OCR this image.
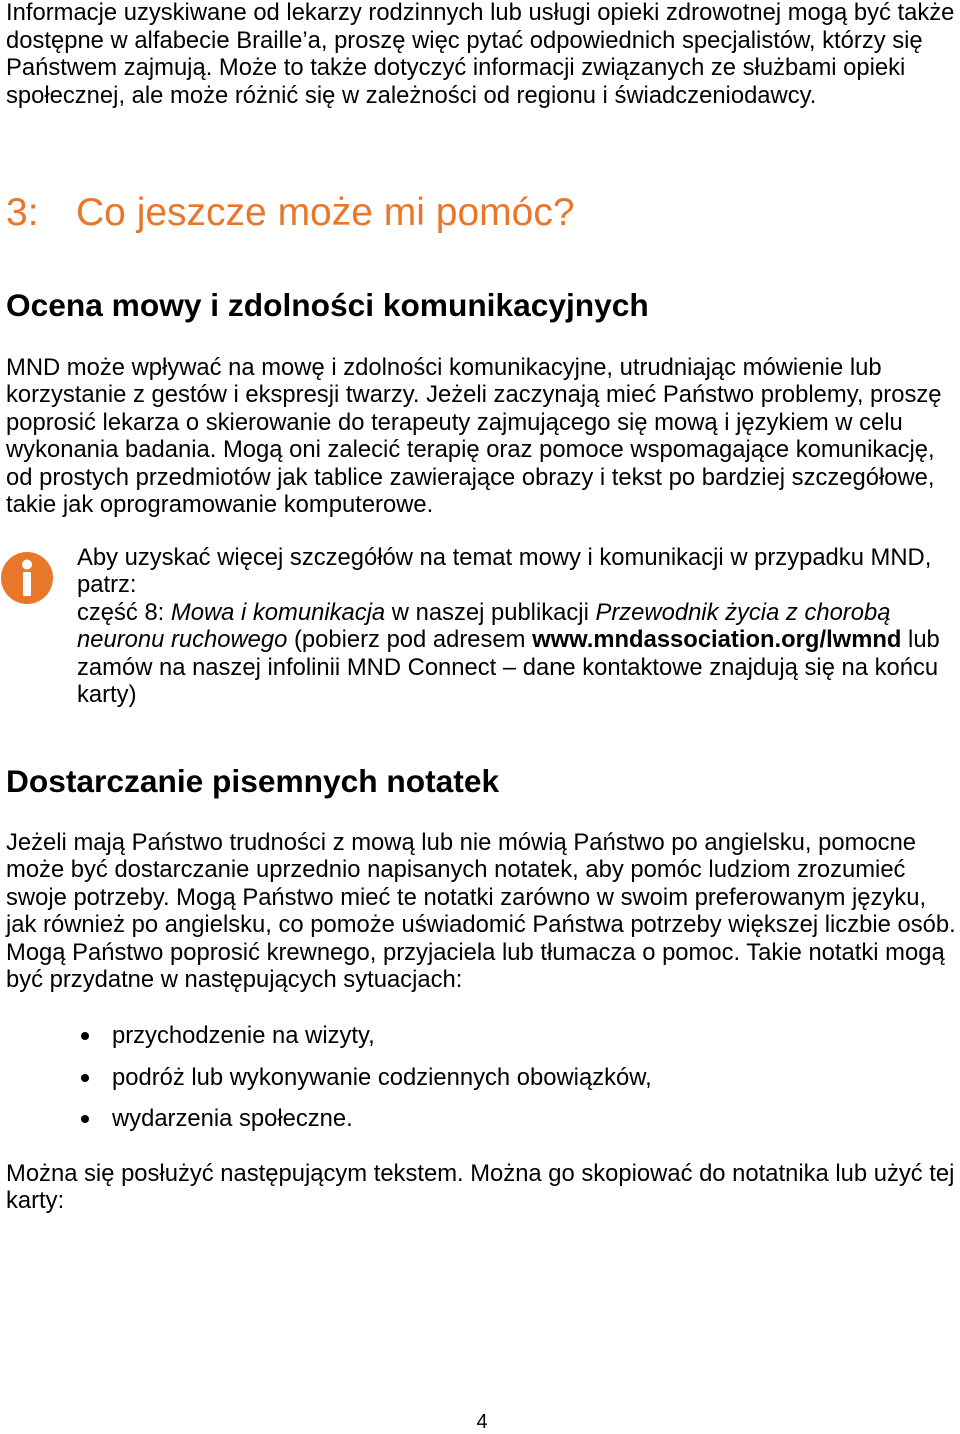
Informacje uzyskiwane od lekarzy rodzinnych lub usługi opieki zdrowotnej mogą być także
dostępne w alfabecie Braille’a, proszę więc pytać odpowiednich specjalistów, którzy się
Państwem zajmują. Może to także dotyczyć informacji związanych ze służbami opieki
społecznej, ale może różnić się w zależności od regionu i świadczeniodawcy.
3: Co jeszcze może mi pomóc?
Ocena mowy i zdolności komunikacyjnych
MND może wpływać na mowę i zdolności komunikacyjne, utrudniając mówienie lub
korzystanie z gestów i ekspresji twarzy. Jeżeli zaczynają mieć Państwo problemy, proszę
poprosić lekarza o skierowanie do terapeuty zajmującego się mową i językiem w celu
wykonania badania. Mogą oni zalecić terapię oraz pomoce wspomagające komunikację,
od prostych przedmiotów jak tablice zawierające obrazy i tekst po bardziej szczegółowe,
takie jak oprogramowanie komputerowe.
Aby uzyskać więcej szczegółów na temat mowy i komunikacji w przypadku MND,
patrz:
część 8: Mowa i komunikacja w naszej publikacji Przewodnik życia z chorobą
neuronu ruchowego (pobierz pod adresem www.mndassociation.org/lwmnd lub
zamów na naszej infolinii MND Connect – dane kontaktowe znajdują się na końcu
karty)
Dostarczanie pisemnych notatek
Jeżeli mają Państwo trudności z mową lub nie mówią Państwo po angielsku, pomocne
może być dostarczanie uprzednio napisanych notatek, aby pomóc ludziom zrozumieć
swoje potrzeby. Mogą Państwo mieć te notatki zarówno w swoim preferowanym języku,
jak również po angielsku, co pomoże uświadomić Państwa potrzeby większej liczbie osób.
Mogą Państwo poprosić krewnego, przyjaciela lub tłumacza o pomoc. Takie notatki mogą
być przydatne w następujących sytuacjach:
przychodzenie na wizyty,
podróż lub wykonywanie codziennych obowiązków,
wydarzenia społeczne.
Można się posłużyć następującym tekstem. Można go skopiować do notatnika lub użyć tej
karty:
4
